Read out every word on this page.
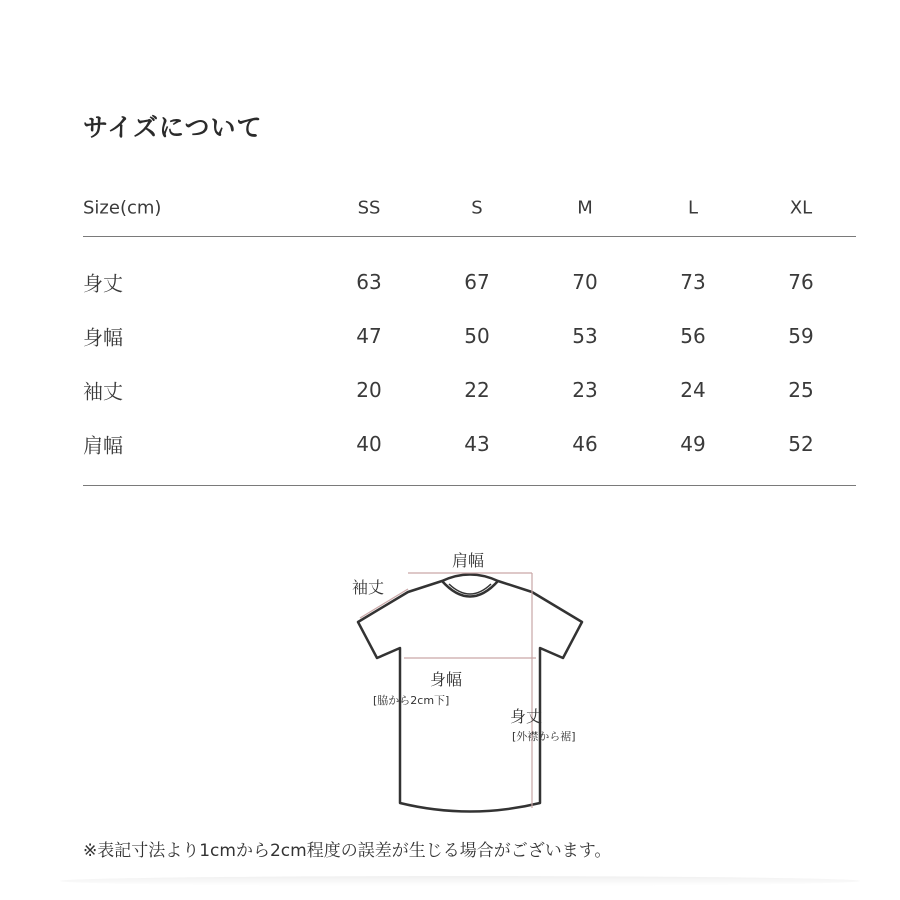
サイズについて
Size(cm)	SS	S	M	L	XL
身丈	63	67	70	73	76
身幅	47	50	53	56	59
袖丈	20	22	23	24	25
肩幅	40	43	46	49	52
肩幅
袖丈
身幅
[脇から2cm下]
身丈
[外襟から裾]
※表記寸法より1cmから2cm程度の誤差が生じる場合がございます。
